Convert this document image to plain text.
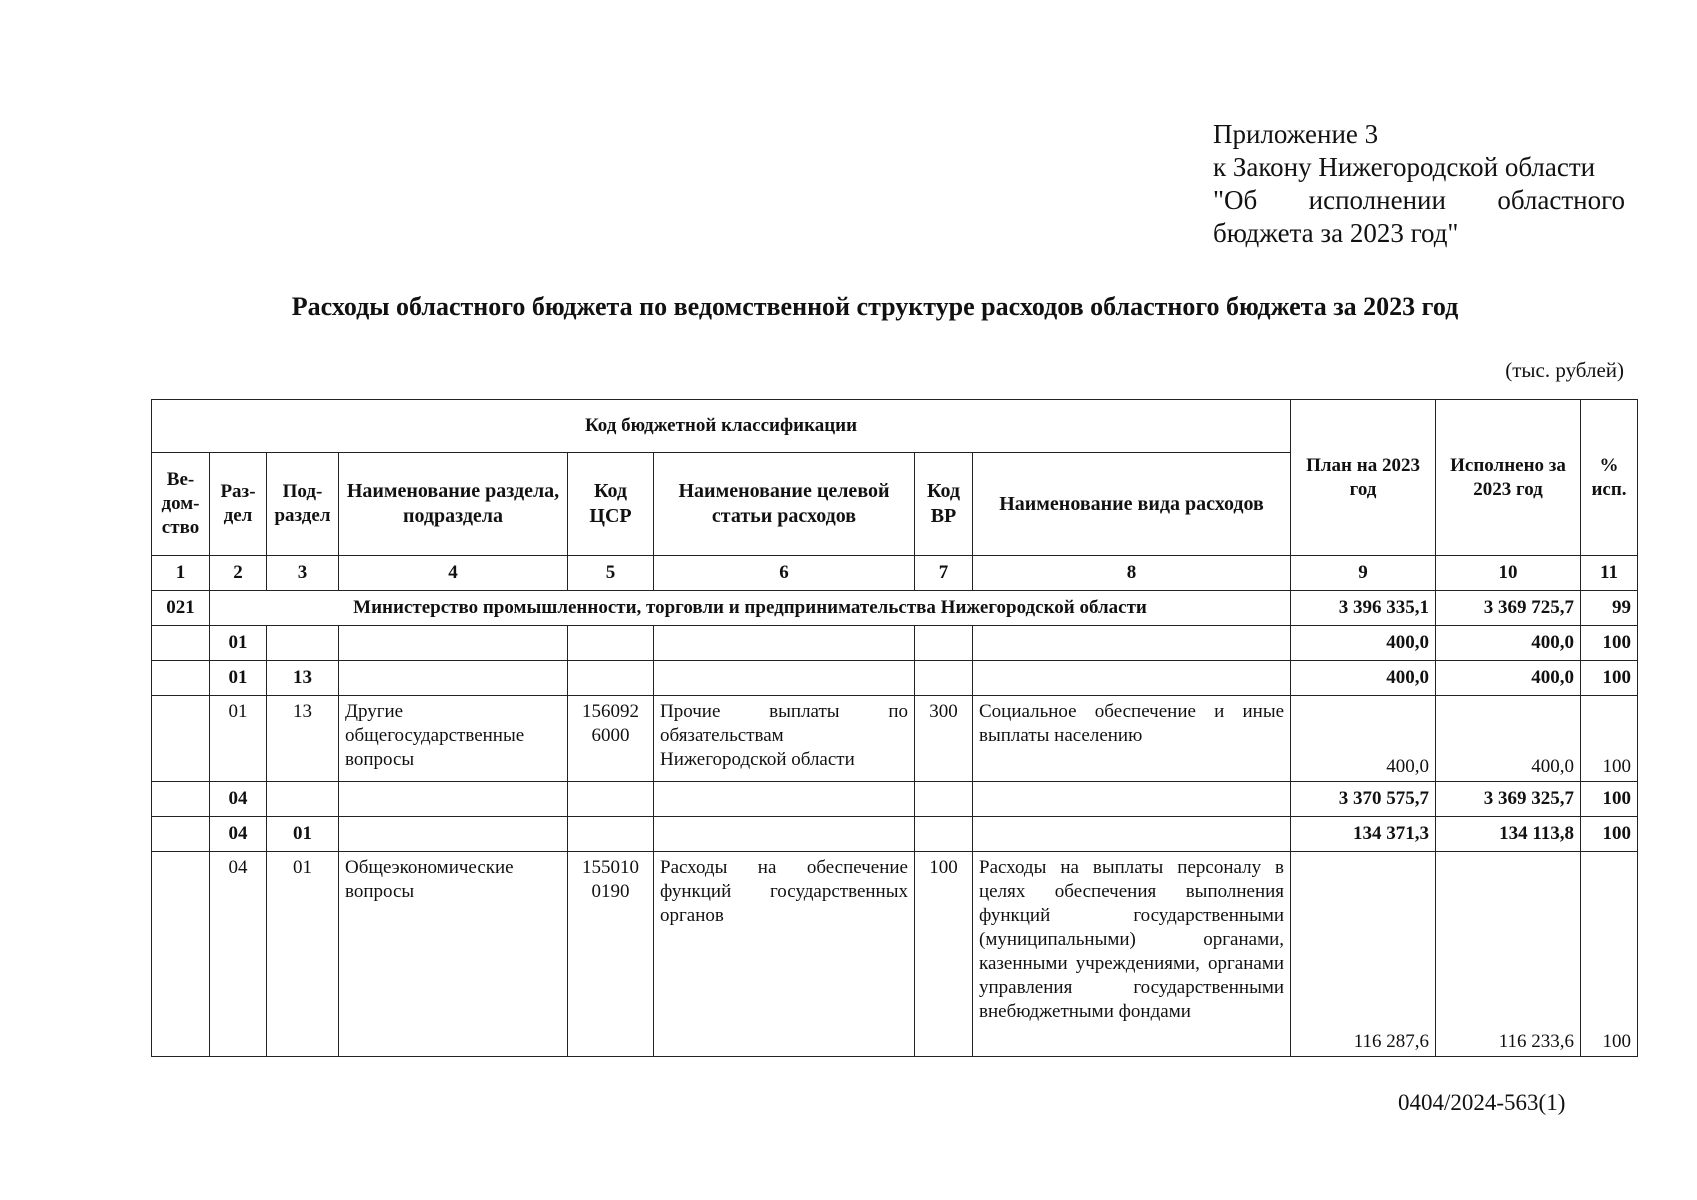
Приложение 3
к Закону Нижегородской области
"Об исполнении областного
бюджета за 2023 год"
Расходы областного бюджета по ведомственной структуре расходов областного бюджета за 2023 год
(тыс. рублей)
Код бюджетной классификации								План на 2023 год	Исполнено за 2023 год	% исп.
Ве-дом-ство	Раз-дел	Под-раздел	Наименование раздела, подраздела	Код ЦСР	Наименование целевой статьи расходов	Код ВР	Наименование вида расходов			
1	2	3	4	5	6	7	8	9	10	11
021	Министерство промышленности, торговли и предпринимательства Нижегородской области							3 396 335,1	3 369 725,7	99
	01							400,0	400,0	100
	01	13						400,0	400,0	100
	01	13	Другие общегосударственные вопросы	156092 6000	Прочие выплаты по обязательствам Нижегородской области	300	Социальное обеспечение и иные выплаты населению	400,0	400,0	100
	04							3 370 575,7	3 369 325,7	100
	04	01						134 371,3	134 113,8	100
	04	01	Общеэкономические вопросы	155010 0190	Расходы на обеспечение функций государственных органов	100	Расходы на выплаты персоналу в целях обеспечения выполнения функций государственными (муниципальными) органами, казенными учреждениями, органами управления государственными внебюджетными фондами	116 287,6	116 233,6	100
0404/2024-563(1)
